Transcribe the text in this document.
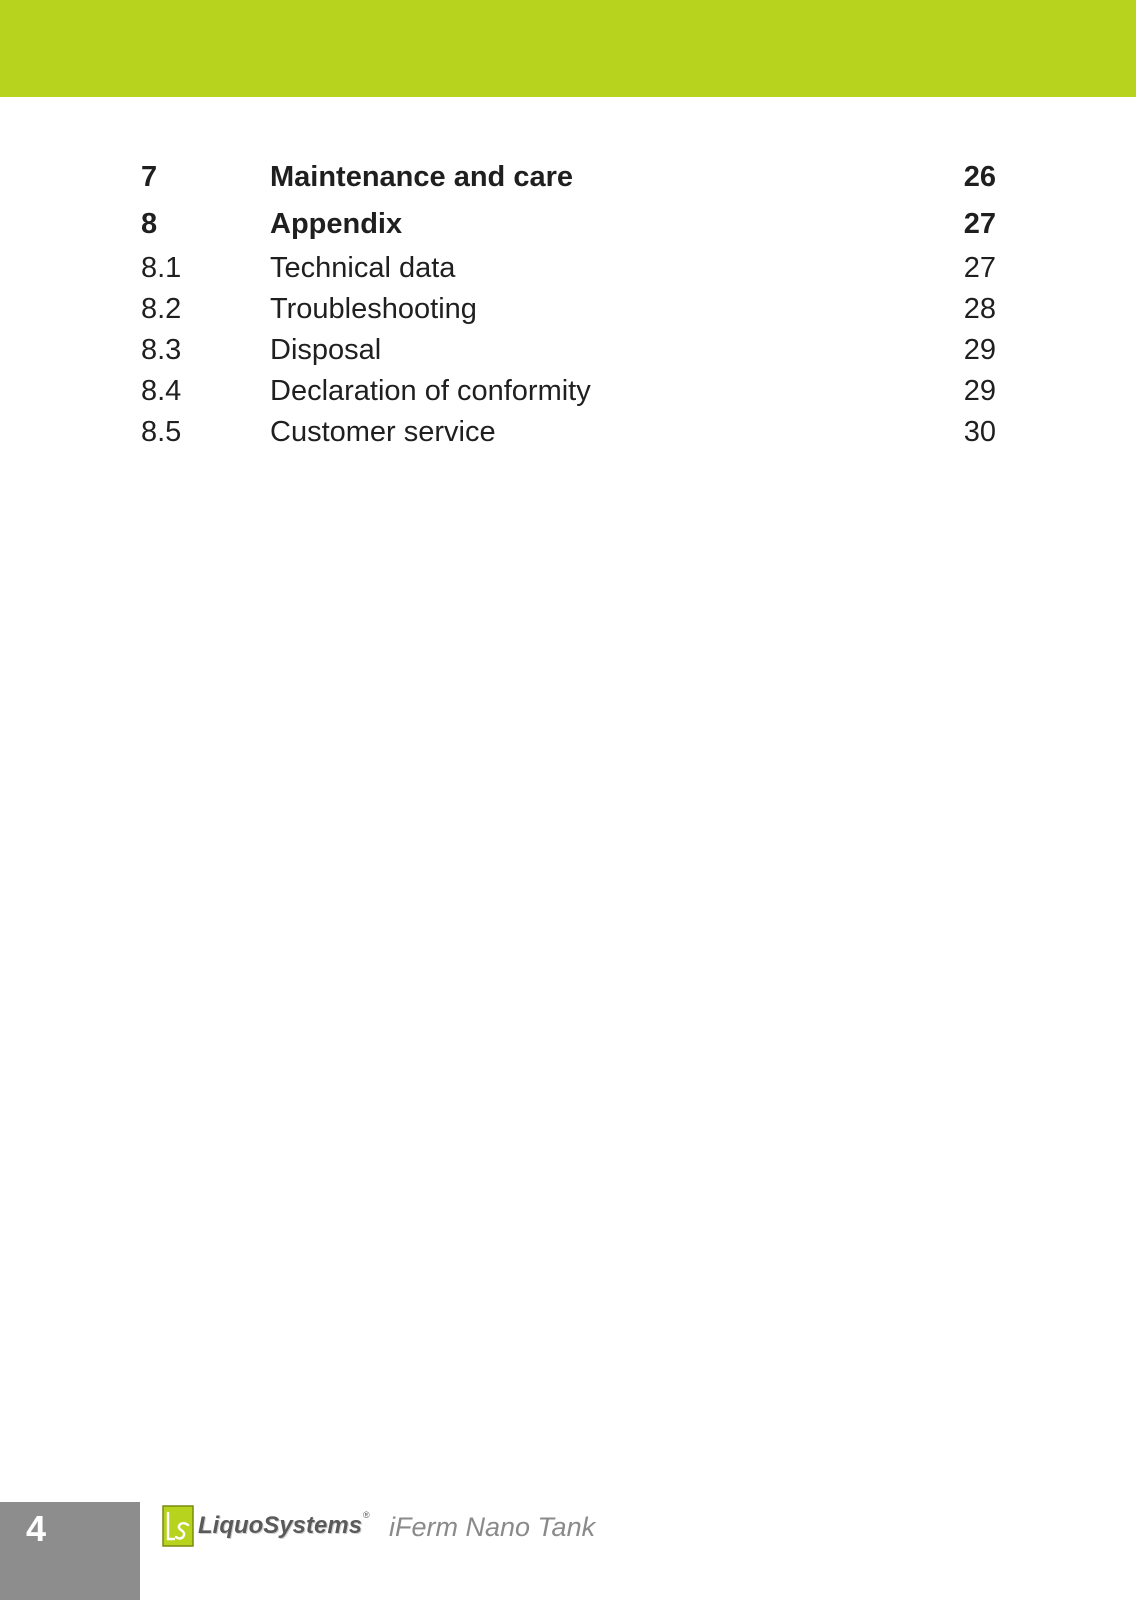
7	Maintenance and care	26
8	Appendix	27
8.1	Technical data	27
8.2	Troubleshooting	28
8.3	Disposal	29
8.4	Declaration of conformity	29
8.5	Customer service	30
4	LiquoSystems ® iFerm Nano Tank
